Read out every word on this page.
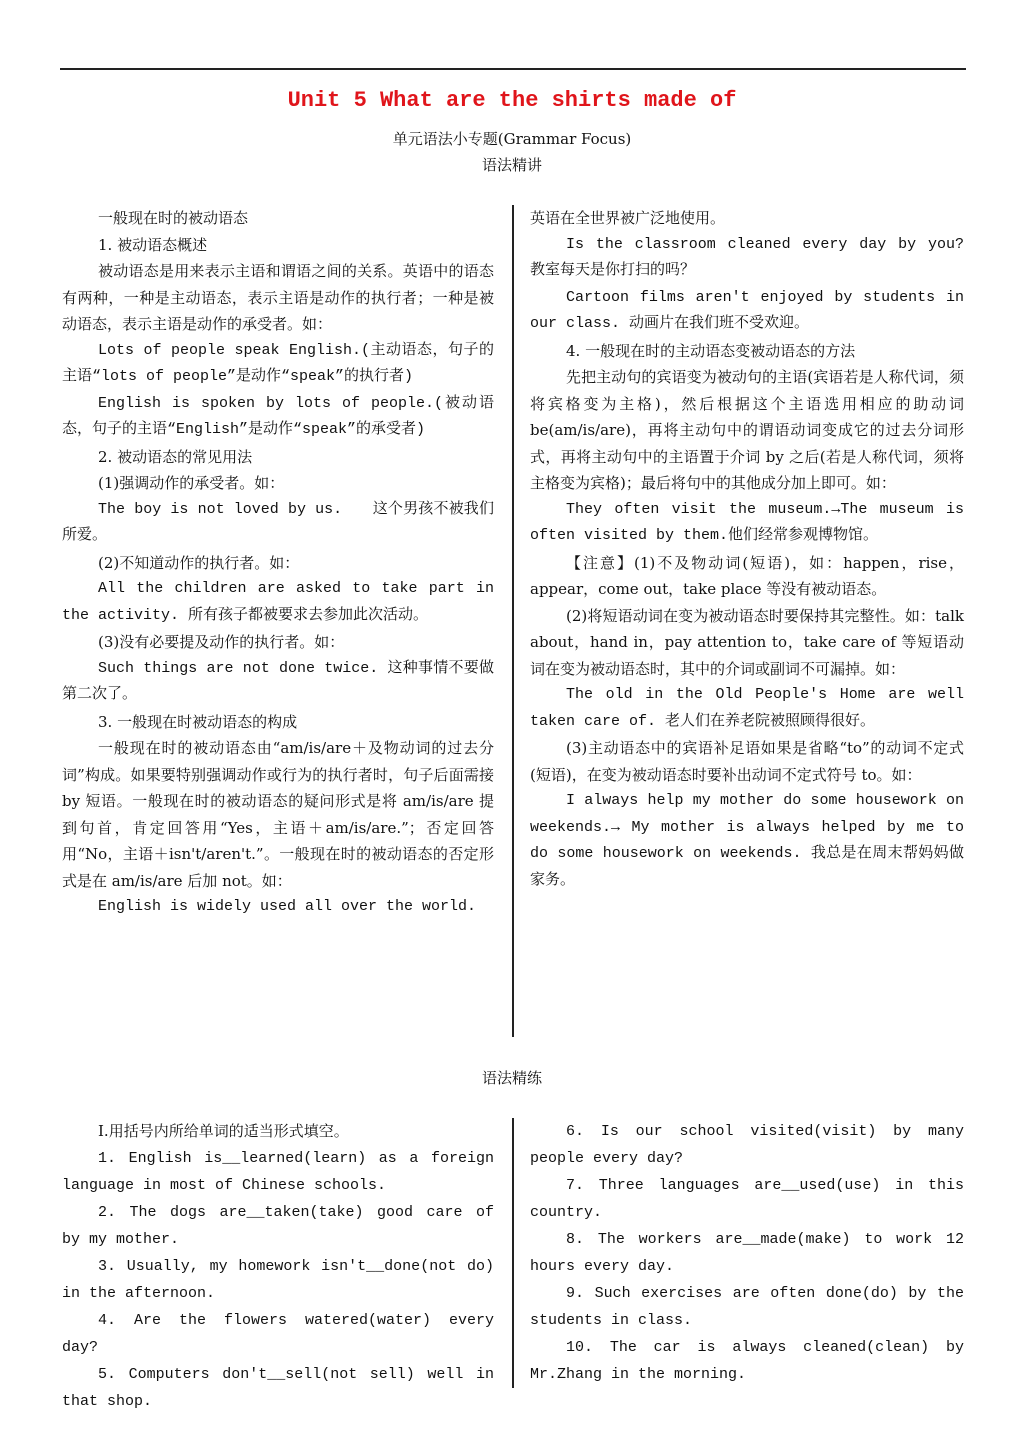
Unit 5 What are the shirts made of
单元语法小专题(Grammar Focus)
语法精讲

一般现在时的被动语态

1. 被动语态概述

被动语态是用来表示主语和谓语之间的关系。英语中的语态有两种，一种是主动语态，表示主语是动作的执行者；一种是被动语态，表示主语是动作的承受者。如：

Lots of people speak English.(主动语态，句子的主语“lots of people”是动作“speak”的执行者)

English is spoken by lots of people.(被动语态，句子的主语“English”是动作“speak”的承受者)

2. 被动语态的常见用法

(1)强调动作的承受者。如：

The boy is not loved by us.　　这个男孩不被我们所爱。

(2)不知道动作的执行者。如：

All the children are asked to take part in the activity. 所有孩子都被要求去参加此次活动。

(3)没有必要提及动作的执行者。如：

Such things are not done twice. 这种事情不要做第二次了。

3. 一般现在时被动语态的构成

一般现在时的被动语态由“am/is/are＋及物动词的过去分词”构成。如果要特别强调动作或行为的执行者时，句子后面需接 by 短语。一般现在时的被动语态的疑问形式是将 am/is/are 提到句首，肯定回答用“Yes，主语＋am/is/are.”；否定回答用“No，主语＋isn't/aren't.”。一般现在时的被动语态的否定形式是在 am/is/are 后加 not。如：

English is widely used all over the world.

英语在全世界被广泛地使用。

Is the classroom cleaned every day by you? 教室每天是你打扫的吗？

Cartoon films aren't enjoyed by students in our class. 动画片在我们班不受欢迎。

4. 一般现在时的主动语态变被动语态的方法

先把主动句的宾语变为被动句的主语(宾语若是人称代词，须将宾格变为主格)，然后根据这个主语选用相应的助动词 be(am/is/are)，再将主动句中的谓语动词变成它的过去分词形式，再将主动句中的主语置于介词 by 之后(若是人称代词，须将主格变为宾格)；最后将句中的其他成分加上即可。如：

They often visit the museum.→The museum is often visited by them.他们经常参观博物馆。

【注意】(1)不及物动词(短语)，如：happen，rise，appear，come out，take place 等没有被动语态。

(2)将短语动词在变为被动语态时要保持其完整性。如：talk about，hand in，pay attention to，take care of 等短语动词在变为被动语态时，其中的介词或副词不可漏掉。如：

The old in the Old People's Home are well taken care of. 老人们在养老院被照顾得很好。

(3)主动语态中的宾语补足语如果是省略“to”的动词不定式(短语)，在变为被动语态时要补出动词不定式符号 to。如：

I always help my mother do some housework on weekends.→ My mother is always helped by me to do some housework on weekends. 我总是在周末帮妈妈做家务。

语法精练

Ⅰ.用括号内所给单词的适当形式填空。

1. English is__learned(learn) as a foreign language in most of Chinese schools.

2. The dogs are__taken(take) good care of by my mother.

3. Usually, my homework isn't__done(not do) in the afternoon.

4. Are the flowers watered(water) every day?

5. Computers don't__sell(not sell) well in that shop.

6. Is our school visited(visit) by many people every day?

7. Three languages are__used(use) in this country.

8. The workers are__made(make) to work 12 hours every day.

9. Such exercises are often done(do) by the students in class.

10. The car is always cleaned(clean) by Mr.Zhang in the morning.
